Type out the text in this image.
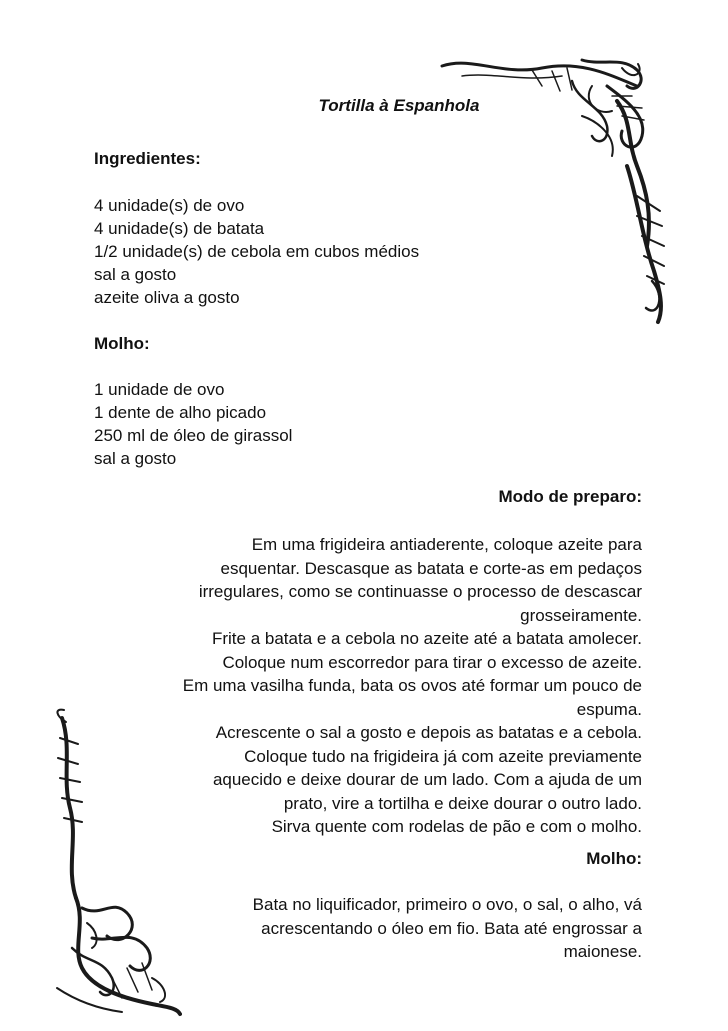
Tortilla à Espanhola
Ingredientes:
4 unidade(s) de ovo
4 unidade(s) de batata
1/2 unidade(s) de cebola em cubos médios
sal a gosto
azeite oliva a gosto
Molho:
1 unidade de ovo
1 dente de alho picado
250 ml de óleo de girassol
sal a gosto
Modo de preparo:
Em uma frigideira antiaderente, coloque azeite para
esquentar. Descasque as batata e corte-as em pedaços
irregulares, como se continuasse o processo de descascar
grosseiramente.
Frite a batata e a cebola no azeite até a batata amolecer.
Coloque num escorredor para tirar o excesso de azeite.
Em uma vasilha funda, bata os ovos até formar um pouco de
espuma.
Acrescente o sal a gosto e depois as batatas e a cebola.
Coloque tudo na frigideira já com azeite previamente
aquecido e deixe dourar de um lado. Com a ajuda de um
prato, vire a tortilha e deixe dourar o outro lado.
Sirva quente com rodelas de pão e com o molho.
Molho:
Bata no liquificador, primeiro o ovo, o sal, o alho, vá
acrescentando o óleo em fio. Bata até engrossar a
maionese.
